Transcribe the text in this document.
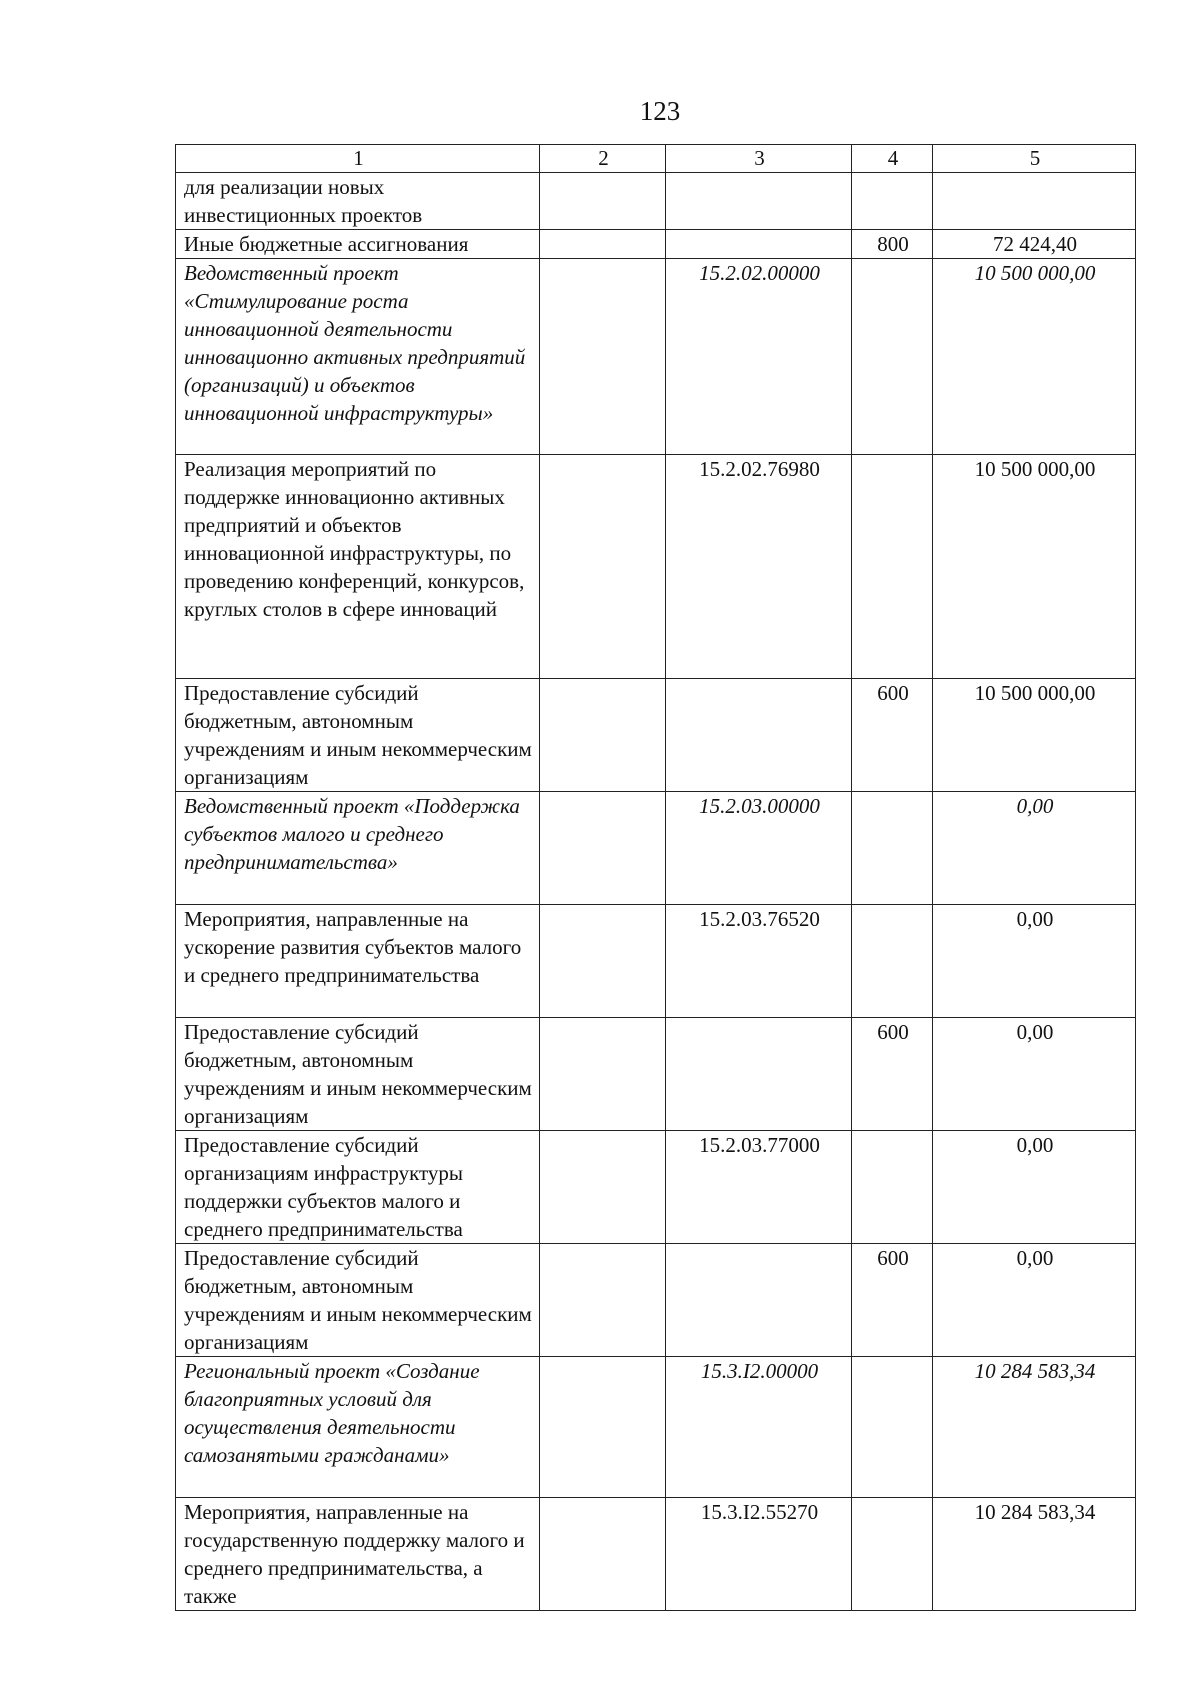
123
1	2	3	4	5
для реализации новых инвестиционных проектов				
Иные бюджетные ассигнования			800	72 424,40
Ведомственный проект «Стимулирование роста инновационной деятельности инновационно активных предприятий (организаций) и объектов инновационной инфраструктуры»		15.2.02.00000		10 500 000,00
Реализация мероприятий по поддержке инновационно активных предприятий и объектов инновационной инфраструктуры, по проведению конференций, конкурсов, круглых столов в сфере инноваций		15.2.02.76980		10 500 000,00
Предоставление субсидий бюджетным, автономным учреждениям и иным некоммерческим организациям			600	10 500 000,00
Ведомственный проект «Поддержка субъектов малого и среднего предпринимательства»		15.2.03.00000		0,00
Мероприятия, направленные на ускорение развития субъектов малого и среднего предпринимательства		15.2.03.76520		0,00
Предоставление субсидий бюджетным, автономным учреждениям и иным некоммерческим организациям			600	0,00
Предоставление субсидий организациям инфраструктуры поддержки субъектов малого и среднего предпринимательства		15.2.03.77000		0,00
Предоставление субсидий бюджетным, автономным учреждениям и иным некоммерческим организациям			600	0,00
Региональный проект «Создание благоприятных условий для осуществления деятельности самозанятыми гражданами»		15.3.I2.00000		10 284 583,34
Мероприятия, направленные на государственную поддержку малого и среднего предпринимательства, а также		15.3.I2.55270		10 284 583,34
